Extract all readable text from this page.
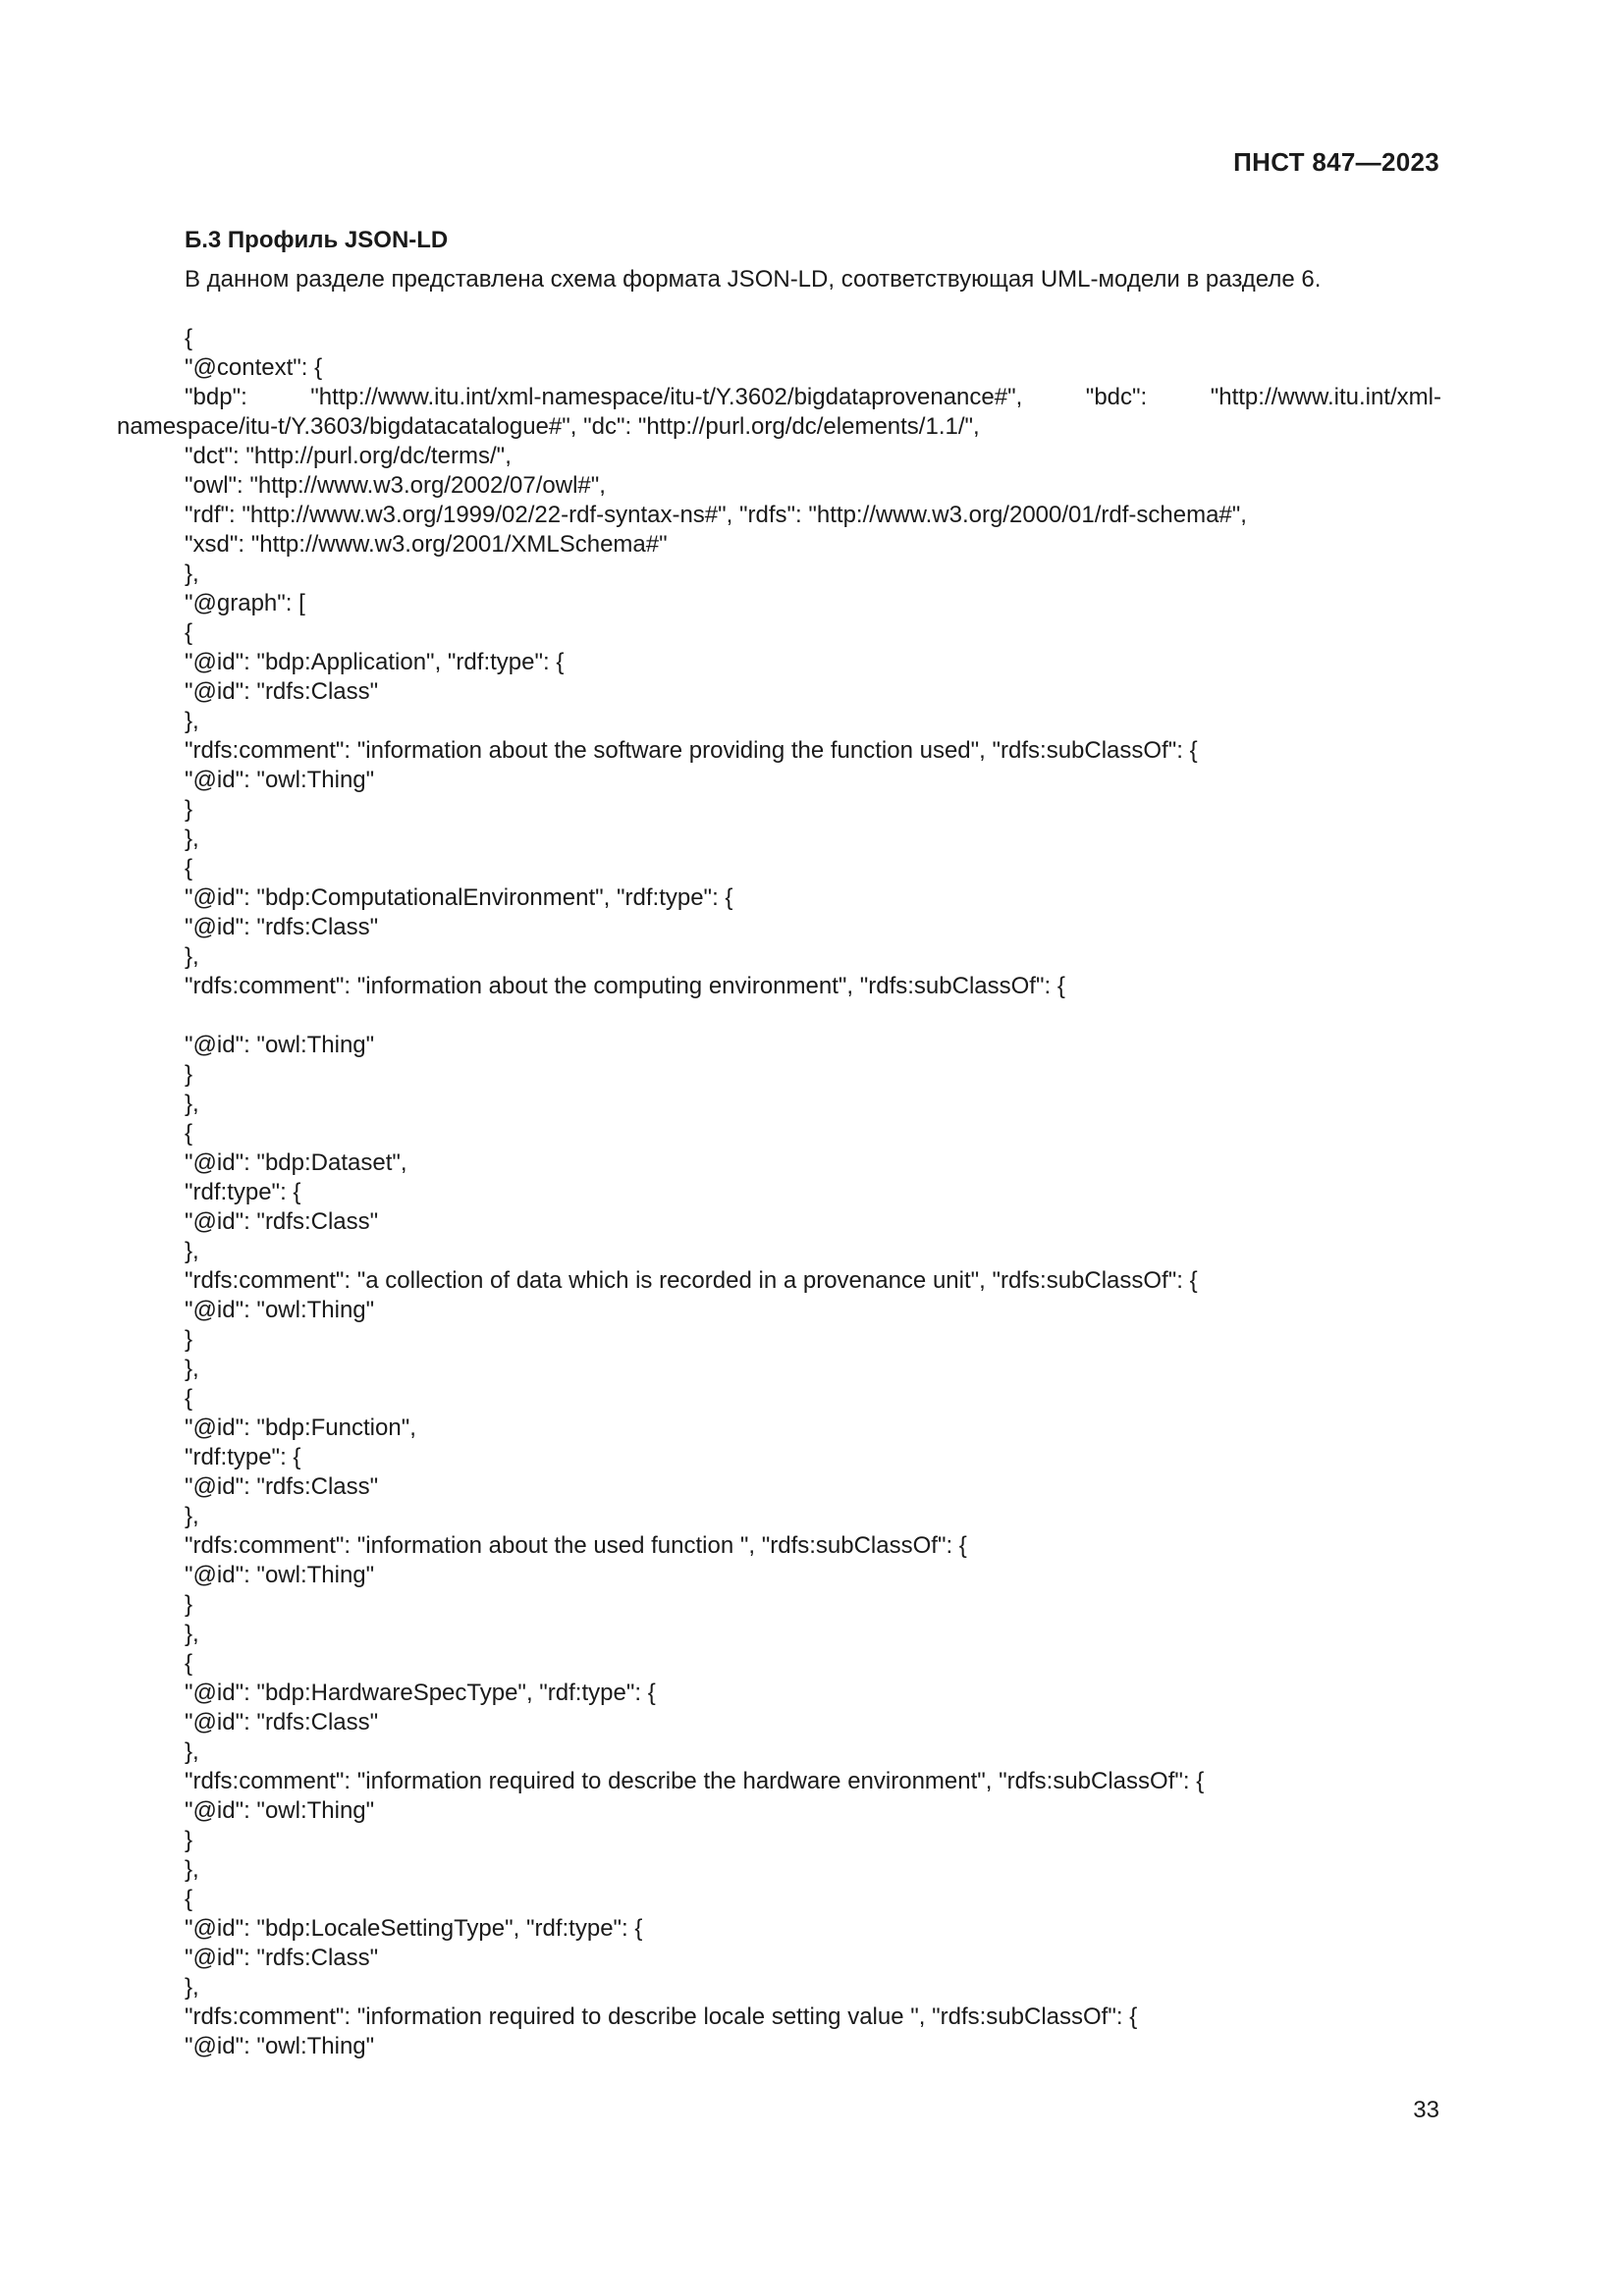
ПНСТ 847—2023
Б.3 Профиль JSON-LD
В данном разделе представлена схема формата JSON-LD, соответствующая UML-модели в разделе 6.
{
"@context": {
"bdp":	"http://www.itu.int/xml-namespace/itu-t/Y.3602/bigdataprovenance#",	"bdc":	"http://www.itu.int/xml-
namespace/itu-t/Y.3603/bigdatacatalogue#", "dc": "http://purl.org/dc/elements/1.1/",
"dct": "http://purl.org/dc/terms/",
"owl": "http://www.w3.org/2002/07/owl#",
"rdf": "http://www.w3.org/1999/02/22-rdf-syntax-ns#", "rdfs": "http://www.w3.org/2000/01/rdf-schema#",
"xsd": "http://www.w3.org/2001/XMLSchema#"
},
"@graph": [
{
"@id": "bdp:Application", "rdf:type": {
"@id": "rdfs:Class"
},
"rdfs:comment": "information about the software providing the function used", "rdfs:subClassOf": {
"@id": "owl:Thing"
}
},
{
"@id": "bdp:ComputationalEnvironment", "rdf:type": {
"@id": "rdfs:Class"
},
"rdfs:comment": "information about the computing environment", "rdfs:subClassOf": {
"@id": "owl:Thing"
}
},
{
"@id": "bdp:Dataset",
"rdf:type": {
"@id": "rdfs:Class"
},
"rdfs:comment": "a collection of data which is recorded in a provenance unit", "rdfs:subClassOf": {
"@id": "owl:Thing"
}
},
{
"@id": "bdp:Function",
"rdf:type": {
"@id": "rdfs:Class"
},
"rdfs:comment": "information about the used function ", "rdfs:subClassOf": {
"@id": "owl:Thing"
}
},
{
"@id": "bdp:HardwareSpecType", "rdf:type": {
"@id": "rdfs:Class"
},
"rdfs:comment": "information required to describe the hardware environment", "rdfs:subClassOf": {
"@id": "owl:Thing"
}
},
{
"@id": "bdp:LocaleSettingType", "rdf:type": {
"@id": "rdfs:Class"
},
"rdfs:comment": "information required to describe locale setting value ", "rdfs:subClassOf": {
"@id": "owl:Thing"
33
